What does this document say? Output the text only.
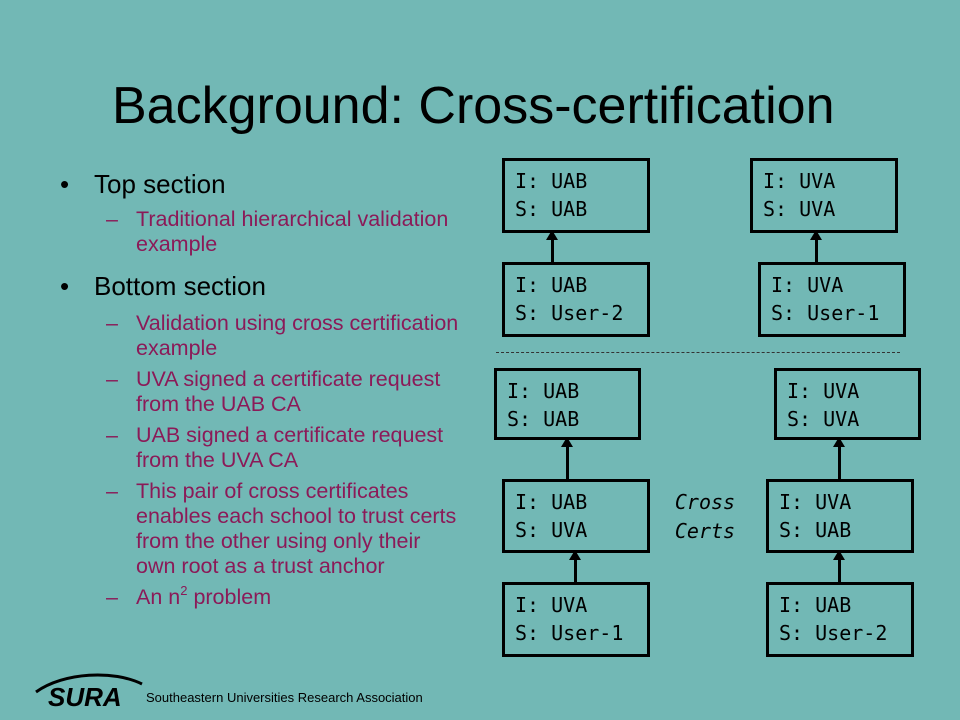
Background: Cross-certification
• Top section
– Traditional hierarchical validation example
• Bottom section
– Validation using cross certification example
– UVA signed a certificate request from the UAB CA
– UAB signed a certificate request from the UVA CA
– This pair of cross certificates enables each school to trust certs from the other using only their own root as a trust anchor
– An $n^2$ problem
I: UAB
S: UAB
I: UAB
S: User-2
I: UVA
S: UVA
I: UVA
S: User-1
I: UAB
S: UAB
I: UAB
S: UVA
I: UVA
S: User-1
I: UVA
S: UVA
I: UVA
S: UAB
I: UAB
S: User-2
Cross
Certs
SURA Southeastern Universities Research Association
